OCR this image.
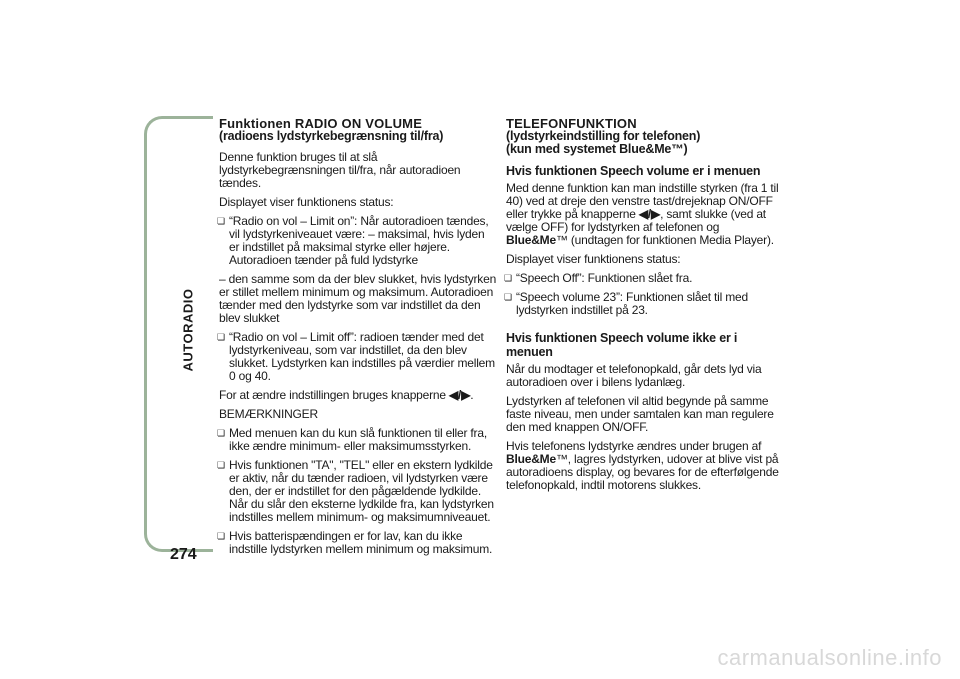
AUTORADIO
274
Funktionen RADIO ON VOLUME
(radioens lydstyrkebegrænsning til/fra)

Denne funktion bruges til at slå lydstyrkebegrænsningen til/fra, når autoradioen tændes.

Displayet viser funktionens status:

❏ “Radio on vol – Limit on”: Når autoradioen tændes, vil lydstyrkeniveauet være: – maksimal, hvis lyden er indstillet på maksimal styrke eller højere. Autoradioen tænder på fuld lydstyrke

– den samme som da der blev slukket, hvis lydstyrken er stillet mellem minimum og maksimum. Autoradioen tænder med den lydstyrke som var indstillet da den blev slukket

❏ “Radio on vol – Limit off”: radioen tænder med det lydstyrkeniveau, som var indstillet, da den blev slukket. Lydstyrken kan indstilles på værdier mellem 0 og 40.

For at ændre indstillingen bruges knapperne ◀/▶.

BEMÆRKNINGER

❏ Med menuen kan du kun slå funktionen til eller fra, ikke ændre minimum- eller maksimumsstyrken.
❏ Hvis funktionen "TA", "TEL" eller en ekstern lydkilde er aktiv, når du tænder radioen, vil lydstyrken være den, der er indstillet for den pågældende lydkilde. Når du slår den eksterne lydkilde fra, kan lydstyrken indstilles mellem minimum- og maksimumniveauet.
❏ Hvis batterispændingen er for lav, kan du ikke indstille lydstyrken mellem minimum og maksimum.
TELEFONFUNKTION
(lydstyrkeindstilling for telefonen)
(kun med systemet Blue&Me™)
Hvis funktionen Speech volume er i menuen

Med denne funktion kan man indstille styrken (fra 1 til 40) ved at dreje den venstre tast/drejeknap ON/OFF eller trykke på knapperne ◀/▶, samt slukke (ved at vælge OFF) for lydstyrken af telefonen og Blue&Me™ (undtagen for funktionen Media Player).

Displayet viser funktionens status:

❏ “Speech Off”: Funktionen slået fra.
❏ “Speech volume 23”: Funktionen slået til med lydstyrken indstillet på 23.
Hvis funktionen Speech volume ikke er i menuen

Når du modtager et telefonopkald, går dets lyd via autoradioen over i bilens lydanlæg.

Lydstyrken af telefonen vil altid begynde på samme faste niveau, men under samtalen kan man regulere den med knappen ON/OFF.

Hvis telefonens lydstyrke ændres under brugen af Blue&Me™, lagres lydstyrken, udover at blive vist på autoradioens display, og bevares for de efterfølgende telefonopkald, indtil motorens slukkes.

carmanualsonline.info
